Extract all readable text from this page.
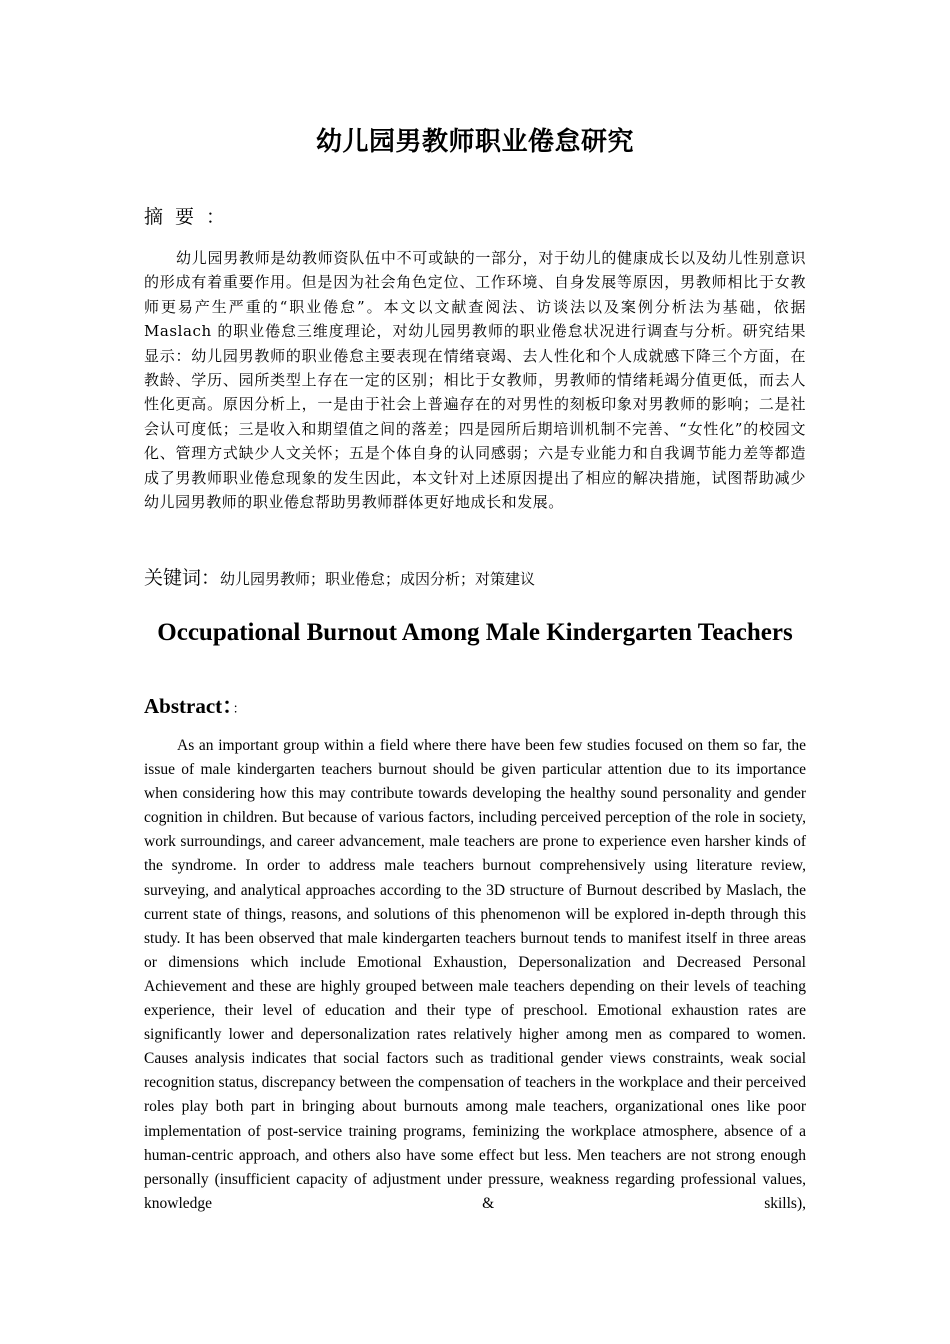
幼儿园男教师职业倦怠研究
摘要：
幼儿园男教师是幼教师资队伍中不可或缺的一部分，对于幼儿的健康成长以及幼儿性别意识的形成有着重要作用。但是因为社会角色定位、工作环境、自身发展等原因，男教师相比于女教师更易产生严重的“职业倦怠”。本文以文献查阅法、访谈法以及案例分析法为基础，依据 Maslach 的职业倦怠三维度理论，对幼儿园男教师的职业倦怠状况进行调查与分析。研究结果显示：幼儿园男教师的职业倦怠主要表现在情绪衰竭、去人性化和个人成就感下降三个方面，在教龄、学历、园所类型上存在一定的区别；相比于女教师，男教师的情绪耗竭分值更低，而去人性化更高。原因分析上，一是由于社会上普遍存在的对男性的刻板印象对男教师的影响；二是社会认可度低；三是收入和期望值之间的落差；四是园所后期培训机制不完善、“女性化”的校园文化、管理方式缺少人文关怀；五是个体自身的认同感弱；六是专业能力和自我调节能力差等都造成了男教师职业倦怠现象的发生因此，本文针对上述原因提出了相应的解决措施，试图帮助减少幼儿园男教师的职业倦怠帮助男教师群体更好地成长和发展。
关键词：幼儿园男教师；职业倦怠；成因分析；对策建议
Occupational Burnout Among Male Kindergarten Teachers
Abstract：：
As an important group within a field where there have been few studies focused on them so far, the issue of male kindergarten teachers burnout should be given particular attention due to its importance when considering how this may contribute towards developing the healthy sound personality and gender cognition in children. But because of various factors, including perceived perception of the role in society, work surroundings, and career advancement, male teachers are prone to experience even harsher kinds of the syndrome. In order to address male teachers burnout comprehensively using literature review, surveying, and analytical approaches according to the 3D structure of Burnout described by Maslach, the current state of things, reasons, and solutions of this phenomenon will be explored in-depth through this study. It has been observed that male kindergarten teachers burnout tends to manifest itself in three areas or dimensions which include Emotional Exhaustion, Depersonalization and Decreased Personal Achievement and these are highly grouped between male teachers depending on their levels of teaching experience, their level of education and their type of preschool. Emotional exhaustion rates are significantly lower and depersonalization rates relatively higher among men as compared to women. Causes analysis indicates that social factors such as traditional gender views constraints, weak social recognition status, discrepancy between the compensation of teachers in the workplace and their perceived roles play both part in bringing about burnouts among male teachers, organizational ones like poor implementation of post-service training programs, feminizing the workplace atmosphere, absence of a human-centric approach, and others also have some effect but less. Men teachers are not strong enough personally (insufficient capacity of adjustment under pressure, weakness regarding professional values, knowledge & skills),
